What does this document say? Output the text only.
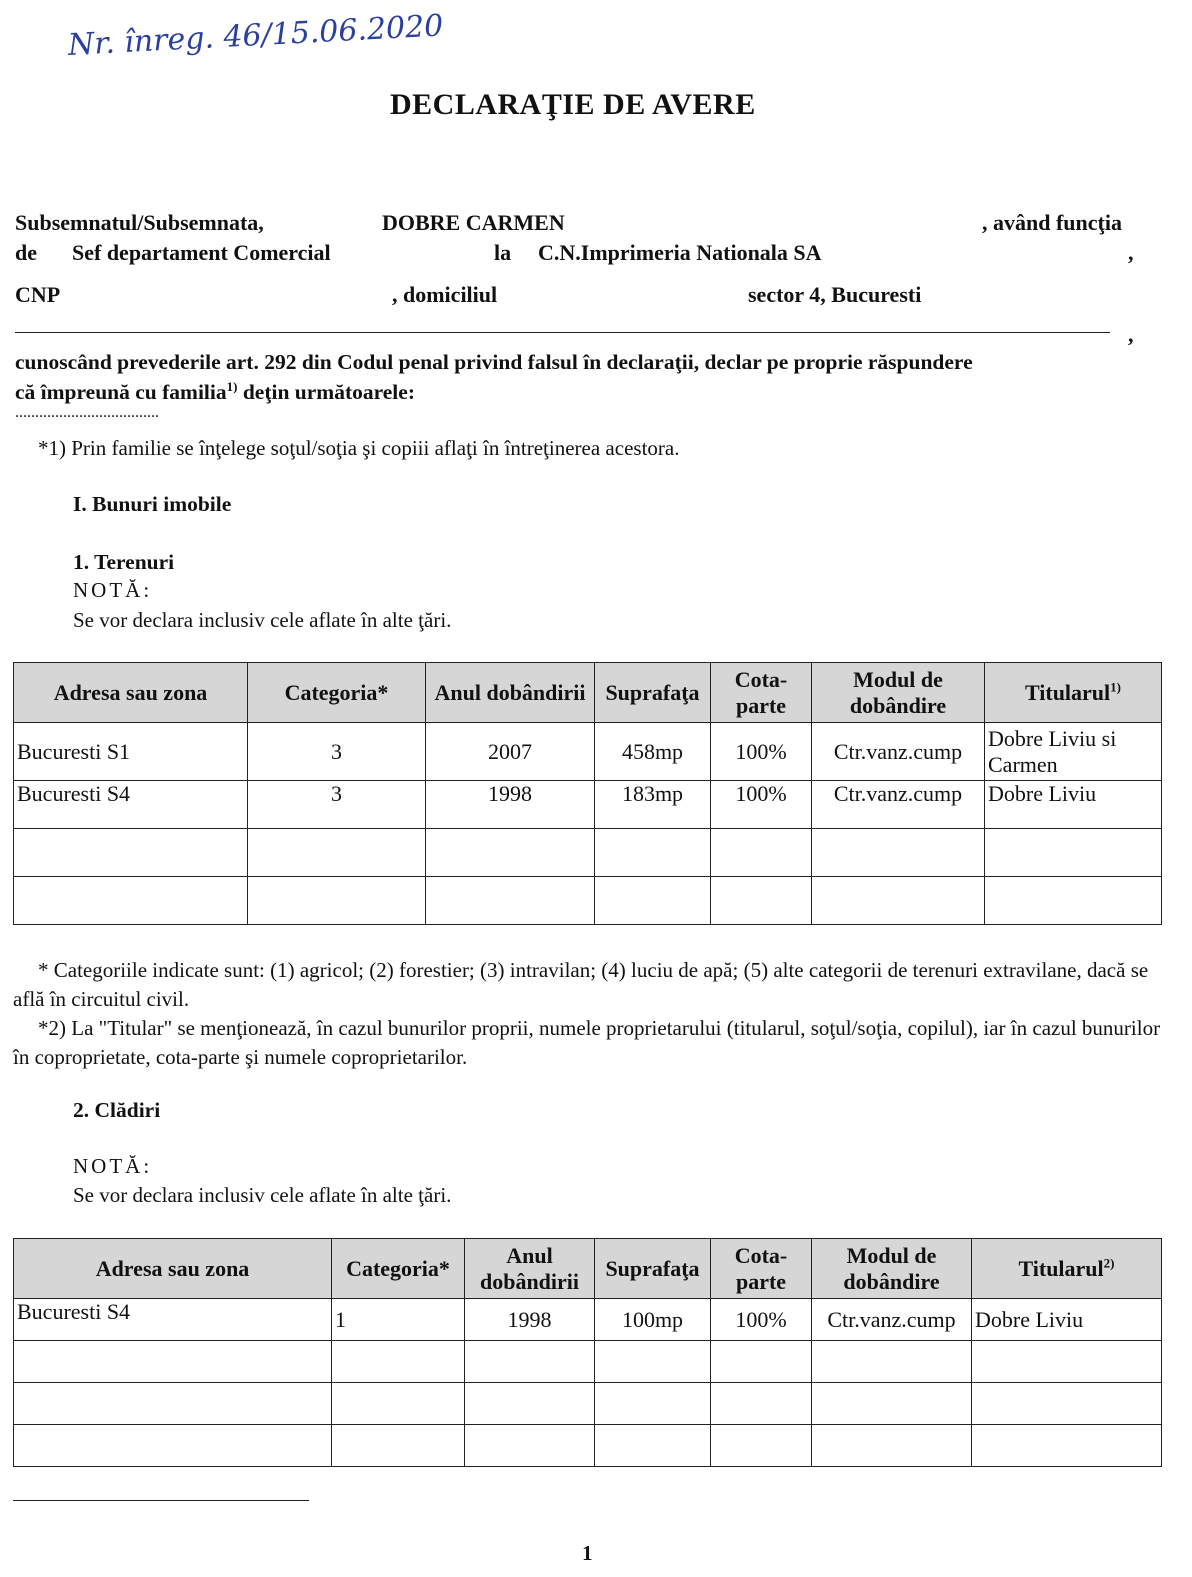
Nr. înreg. 46/15.06.2020
DECLARAŢIE DE AVERE
Subsemnatul/Subsemnata,	DOBRE CARMEN	, având funcţia
de Sef departament Comercial	la C.N.Imprimeria Nationala SA	,
CNP	, domiciliul	sector 4, Bucuresti
,
cunoscând prevederile art. 292 din Codul penal privind falsul în declaraţii, declar pe proprie răspundere
că împreună cu familia$^{1)}$ deţin următoarele:
....................................
*1) Prin familie se înţelege soţul/soţia şi copiii aflaţi în întreţinerea acestora.
I. Bunuri imobile
1. Terenuri
NOTĂ:
Se vor declara inclusiv cele aflate în alte ţări.
Adresa sau zona	Categoria*	Anul dobândirii	Suprafaţa	Cota-parte	Modul de dobândire	Titularul$^{1)}$
Bucuresti S1	3	2007	458mp	100%	Ctr.vanz.cump	Dobre Liviu si Carmen
Bucuresti S4	3	1998	183mp	100%	Ctr.vanz.cump	Dobre Liviu

* Categoriile indicate sunt: (1) agricol; (2) forestier; (3) intravilan; (4) luciu de apă; (5) alte categorii de terenuri extravilane, dacă se află în circuitul civil.
*2) La "Titular" se menţionează, în cazul bunurilor proprii, numele proprietarului (titularul, soţul/soţia, copilul), iar în cazul bunurilor în coproprietate, cota-parte şi numele coproprietarilor.
2. Clădiri
NOTĂ:
Se vor declara inclusiv cele aflate în alte ţări.
Adresa sau zona	Categoria*	Anul dobândirii	Suprafaţa	Cota-parte	Modul de dobândire	Titularul$^{2)}$
Bucuresti S4	1	1998	100mp	100%	Ctr.vanz.cump	Dobre Liviu

1
